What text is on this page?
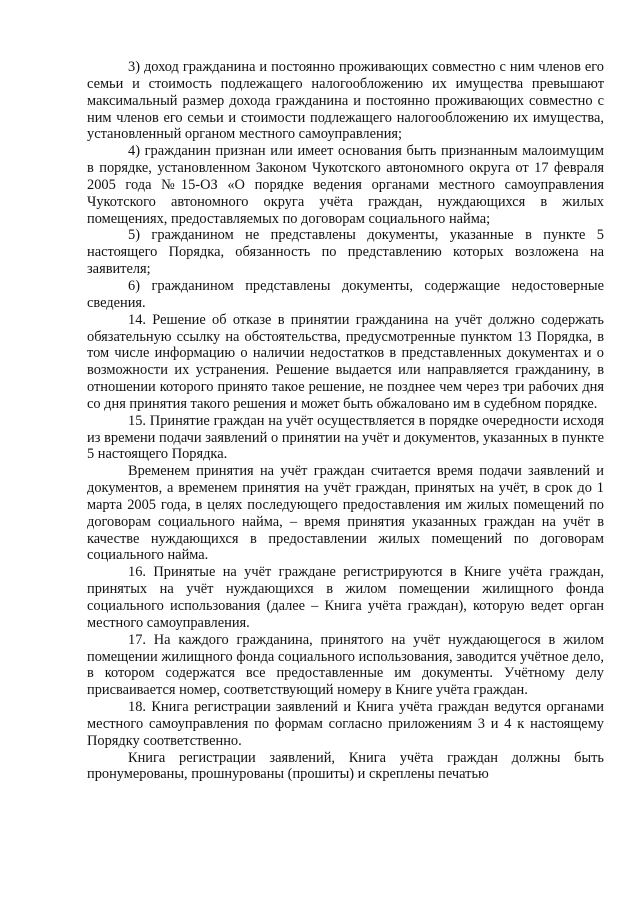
3) доход гражданина и постоянно проживающих совместно с ним членов его семьи и стоимость подлежащего налогообложению их имущества превышают максимальный размер дохода гражданина и постоянно проживающих совместно с ним членов его семьи и стоимости подлежащего налогообложению их имущества, установленный органом местного самоуправления;

4) гражданин признан или имеет основания быть признанным малоимущим в порядке, установленном Законом Чукотского автономного округа от 17 февраля 2005 года №15-ОЗ «О порядке ведения органами местного самоуправления Чукотского автономного округа учёта граждан, нуждающихся в жилых помещениях, предоставляемых по договорам социального найма;

5) гражданином не представлены документы, указанные в пункте 5 настоящего Порядка, обязанность по представлению которых возложена на заявителя;

6) гражданином представлены документы, содержащие недостоверные сведения.

14. Решение об отказе в принятии гражданина на учёт должно содержать обязательную ссылку на обстоятельства, предусмотренные пунктом 13 Порядка, в том числе информацию о наличии недостатков в представленных документах и о возможности их устранения. Решение выдается или направляется гражданину, в отношении которого принято такое решение, не позднее чем через три рабочих дня со дня принятия такого решения и может быть обжаловано им в судебном порядке.

15. Принятие граждан на учёт осуществляется в порядке очередности исходя из времени подачи заявлений о принятии на учёт и документов, указанных в пункте 5 настоящего Порядка.

Временем принятия на учёт граждан считается время подачи заявлений и документов, а временем принятия на учёт граждан, принятых на учёт, в срок до 1 марта 2005 года, в целях последующего предоставления им жилых помещений по договорам социального найма, – время принятия указанных граждан на учёт в качестве нуждающихся в предоставлении жилых помещений по договорам социального найма.

16. Принятые на учёт граждане регистрируются в Книге учёта граждан, принятых на учёт нуждающихся в жилом помещении жилищного фонда социального использования (далее – Книга учёта граждан), которую ведет орган местного самоуправления.

17. На каждого гражданина, принятого на учёт нуждающегося в жилом помещении жилищного фонда социального использования, заводится учётное дело, в котором содержатся все предоставленные им документы. Учётному делу присваивается номер, соответствующий номеру в Книге учёта граждан.

18. Книга регистрации заявлений и Книга учёта граждан ведутся органами местного самоуправления по формам согласно приложениям 3 и 4 к настоящему Порядку соответственно.

Книга регистрации заявлений, Книга учёта граждан должны быть пронумерованы, прошнурованы (прошиты) и скреплены печатью
